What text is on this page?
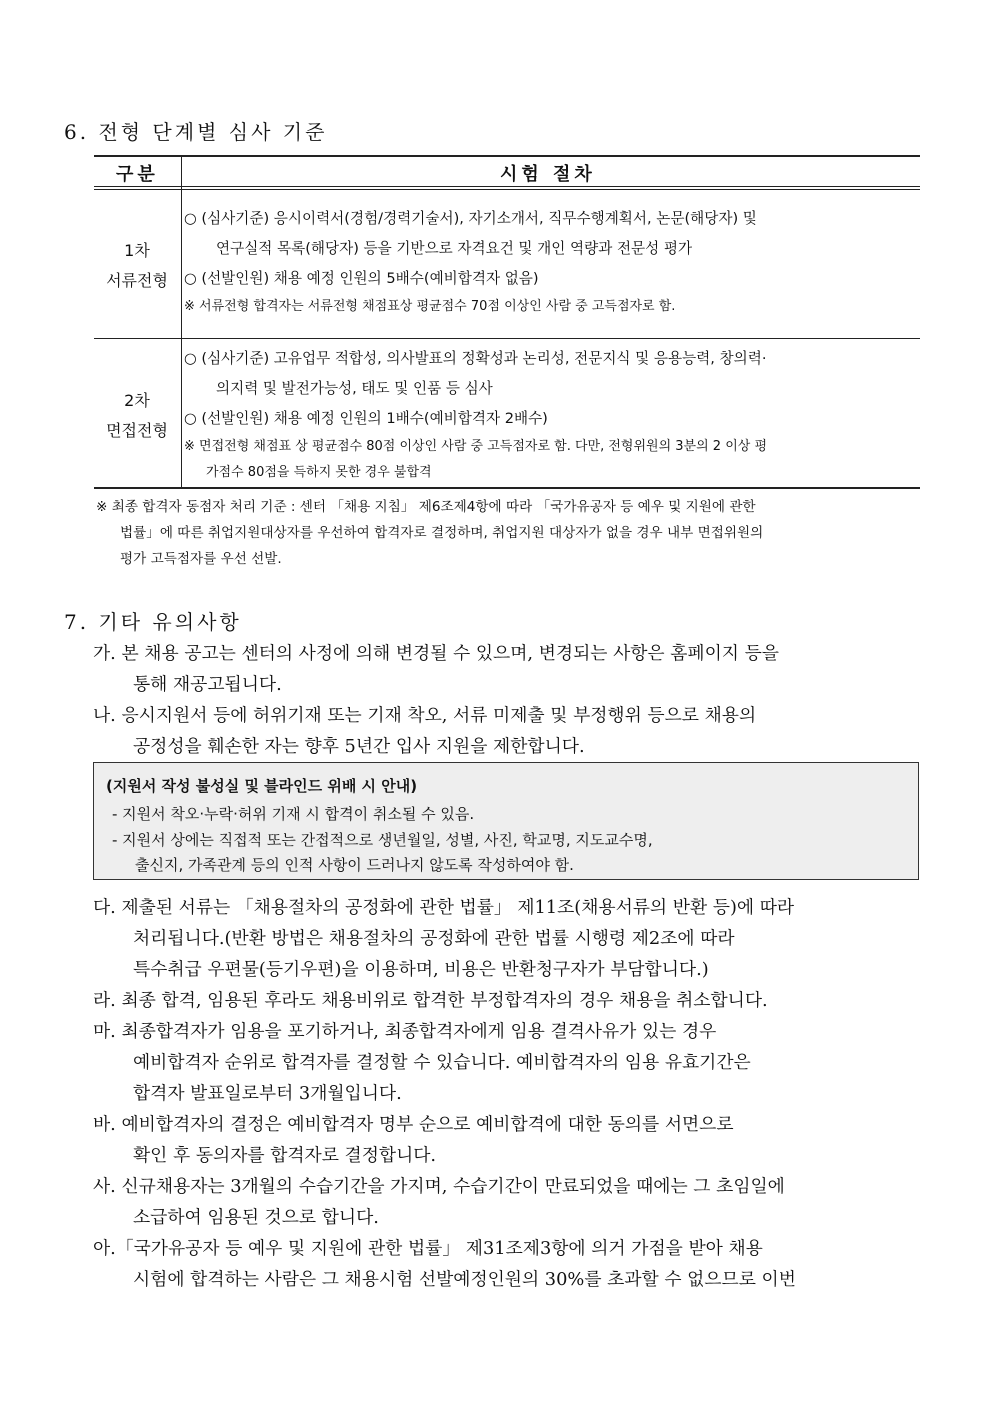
6. 전형 단계별 심사 기준
구분	시험 절차
1차
서류전형
○ (심사기준) 응시이력서(경험/경력기술서), 자기소개서, 직무수행계획서, 논문(해당자) 및
연구실적 목록(해당자) 등을 기반으로 자격요건 및 개인 역량과 전문성 평가
○ (선발인원) 채용 예정 인원의 5배수(예비합격자 없음)
※ 서류전형 합격자는 서류전형 채점표상 평균점수 70점 이상인 사람 중 고득점자로 함.
2차
면접전형
○ (심사기준) 고유업무 적합성, 의사발표의 정확성과 논리성, 전문지식 및 응용능력, 창의력·
의지력 및 발전가능성, 태도 및 인품 등 심사
○ (선발인원) 채용 예정 인원의 1배수(예비합격자 2배수)
※ 면접전형 채점표 상 평균점수 80점 이상인 사람 중 고득점자로 함. 다만, 전형위원의 3분의 2 이상 평
가점수 80점을 득하지 못한 경우 불합격
※ 최종 합격자 동점자 처리 기준 : 센터 「채용 지침」 제6조제4항에 따라 「국가유공자 등 예우 및 지원에 관한
법률」에 따른 취업지원대상자를 우선하여 합격자로 결정하며, 취업지원 대상자가 없을 경우 내부 면접위원의
평가 고득점자를 우선 선발.
7. 기타 유의사항
가. 본 채용 공고는 센터의 사정에 의해 변경될 수 있으며, 변경되는 사항은 홈페이지 등을
통해 재공고됩니다.
나. 응시지원서 등에 허위기재 또는 기재 착오, 서류 미제출 및 부정행위 등으로 채용의
공정성을 훼손한 자는 향후 5년간 입사 지원을 제한합니다.
(지원서 작성 불성실 및 블라인드 위배 시 안내)
- 지원서 착오·누락·허위 기재 시 합격이 취소될 수 있음.
- 지원서 상에는 직접적 또는 간접적으로 생년월일, 성별, 사진, 학교명, 지도교수명,
출신지, 가족관계 등의 인적 사항이 드러나지 않도록 작성하여야 함.
다. 제출된 서류는 「채용절차의 공정화에 관한 법률」 제11조(채용서류의 반환 등)에 따라
처리됩니다.(반환 방법은 채용절차의 공정화에 관한 법률 시행령 제2조에 따라
특수취급 우편물(등기우편)을 이용하며, 비용은 반환청구자가 부담합니다.)
라. 최종 합격, 임용된 후라도 채용비위로 합격한 부정합격자의 경우 채용을 취소합니다.
마. 최종합격자가 임용을 포기하거나, 최종합격자에게 임용 결격사유가 있는 경우
예비합격자 순위로 합격자를 결정할 수 있습니다. 예비합격자의 임용 유효기간은
합격자 발표일로부터 3개월입니다.
바. 예비합격자의 결정은 예비합격자 명부 순으로 예비합격에 대한 동의를 서면으로
확인 후 동의자를 합격자로 결정합니다.
사. 신규채용자는 3개월의 수습기간을 가지며, 수습기간이 만료되었을 때에는 그 초임일에
소급하여 임용된 것으로 합니다.
아.「국가유공자 등 예우 및 지원에 관한 법률」 제31조제3항에 의거 가점을 받아 채용
시험에 합격하는 사람은 그 채용시험 선발예정인원의 30%를 초과할 수 없으므로 이번
